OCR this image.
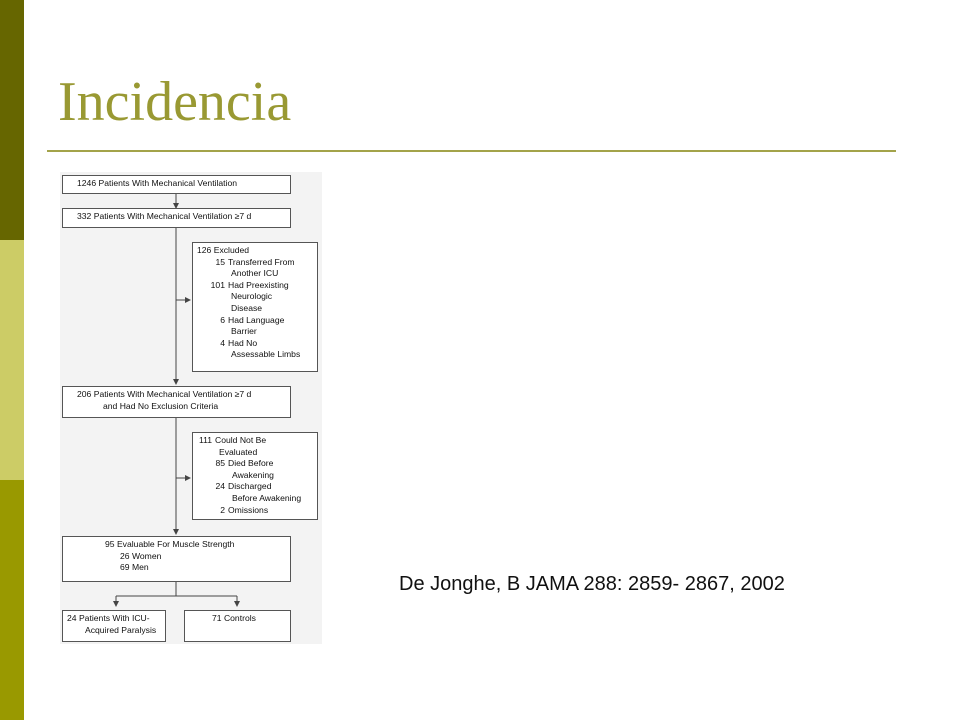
Incidencia
1246 Patients With Mechanical Ventilation
332 Patients With Mechanical Ventilation ≥7 d
126 Excluded
15 Transferred From
Another ICU
101 Had Preexisting
Neurologic
Disease
6 Had Language
Barrier
4 Had No
Assessable Limbs
206 Patients With Mechanical Ventilation ≥7 d
and Had No Exclusion Criteria
111 Could Not Be
Evaluated
85 Died Before
Awakening
24 Discharged
Before Awakening
2 Omissions
95 Evaluable For Muscle Strength
26 Women
69 Men
24 Patients With ICU-
Acquired Paralysis
71 Controls
De Jonghe, B JAMA 288: 2859- 2867, 2002
